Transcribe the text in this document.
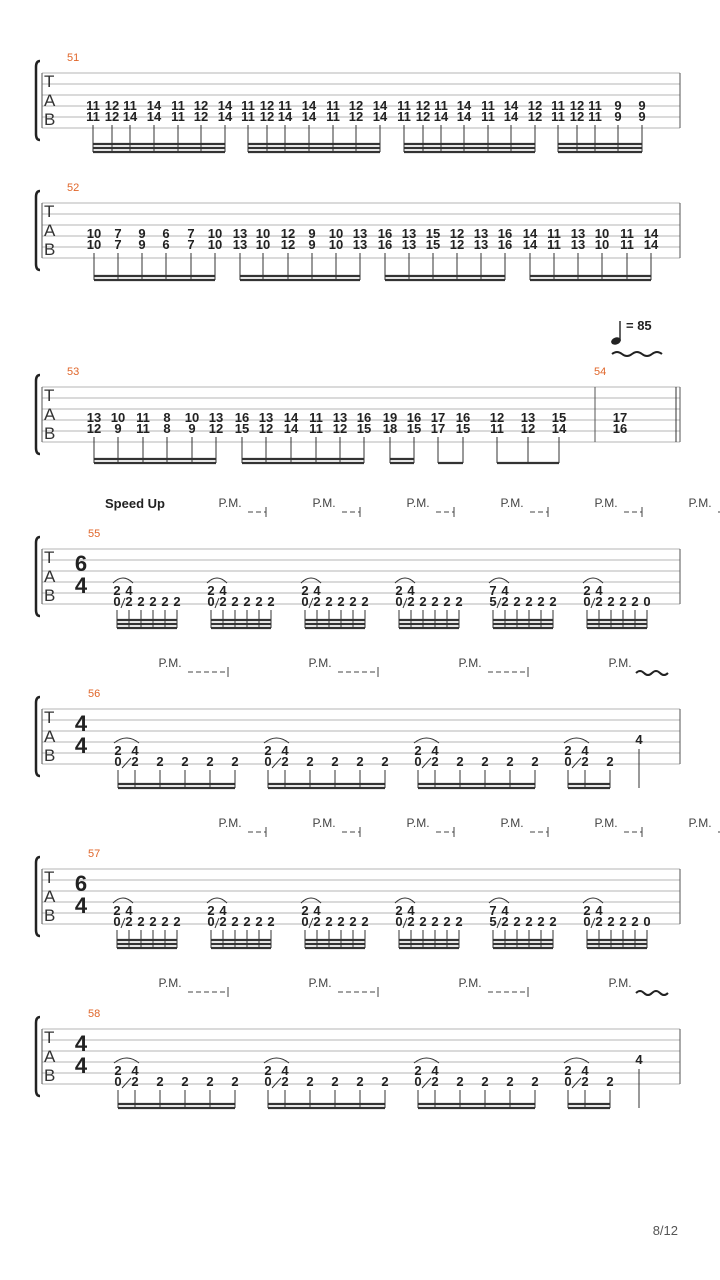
T
A
B
51
11
11
12
12
11
14
14
14
11
11
12
12
14
14
11
11
12
12
11
14
14
14
11
11
12
12
14
14
11
11
12
12
11
14
14
14
11
11
14
14
12
12
11
11
12
12
11
11
9
9
9
9
T
A
B
52
10
10
7
7
9
9
6
6
7
7
10
10
13
13
10
10
12
12
9
9
10
10
13
13
16
16
13
13
15
15
12
12
13
13
16
16
14
14
11
11
13
13
10
10
11
11
14
14
T
A
B
53
13
12
10
9
11
11
8
8
10
9
13
12
16
15
13
12
14
14
11
11
13
12
16
15
19
18
16
15
17
17
16
15
12
11
13
12
15
14
17
16
54
= 85
T
A
B
55
6
4 2
0
4
2 2 2 2 2
2
0
4
2 2 2 2 2
2
0
4
2 2 2 2 2
2
0
4
2 2 2 2 2
7
5
4
2 2 2 2 2
2
0
4
2 2 2 2 0
P.M.	P.M.	P.M.	P.M.	P.M.	P.M.
Speed Up
T
A
B
56
4
4 2
0
4
2 2 2 2 2
2
0
4
2 2 2 2 2
2
0
4
2 2 2 2 2
2
0
4
2 2
4
P.M.	P.M.	P.M.	P.M.
T
A
B
57
6
4 2
0
4
2 2 2 2 2
2
0
4
2 2 2 2 2
2
0
4
2 2 2 2 2
2
0
4
2 2 2 2 2
7
5
4
2 2 2 2 2
2
0
4
2 2 2 2 0
P.M.	P.M.	P.M.	P.M.	P.M.	P.M.
T
A
B
58
4
4 2
0
4
2 2 2 2 2
2
0
4
2 2 2 2 2
2
0
4
2 2 2 2 2
2
0
4
2 2
4
P.M.	P.M.	P.M.	P.M.
8/12
